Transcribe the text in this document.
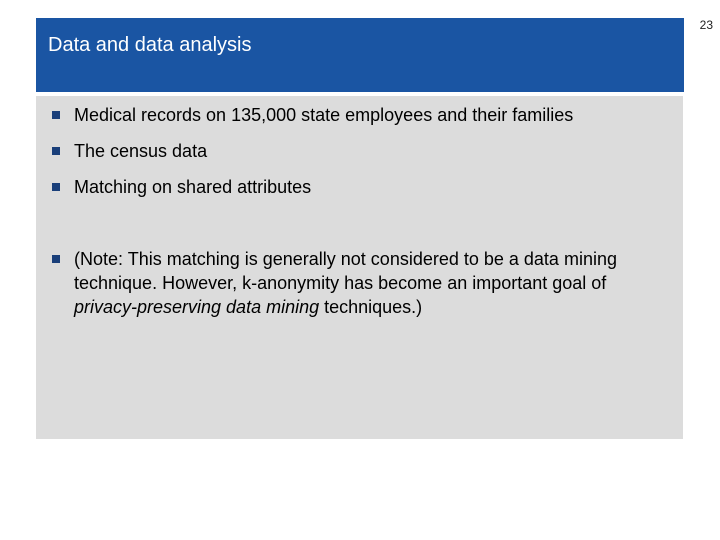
Data and data analysis
23
Medical records on 135,000 state employees and their families
The census data
Matching on shared attributes
(Note: This matching is generally not considered to be a data mining technique. However, k-anonymity has become an important goal of privacy-preserving data mining techniques.)
